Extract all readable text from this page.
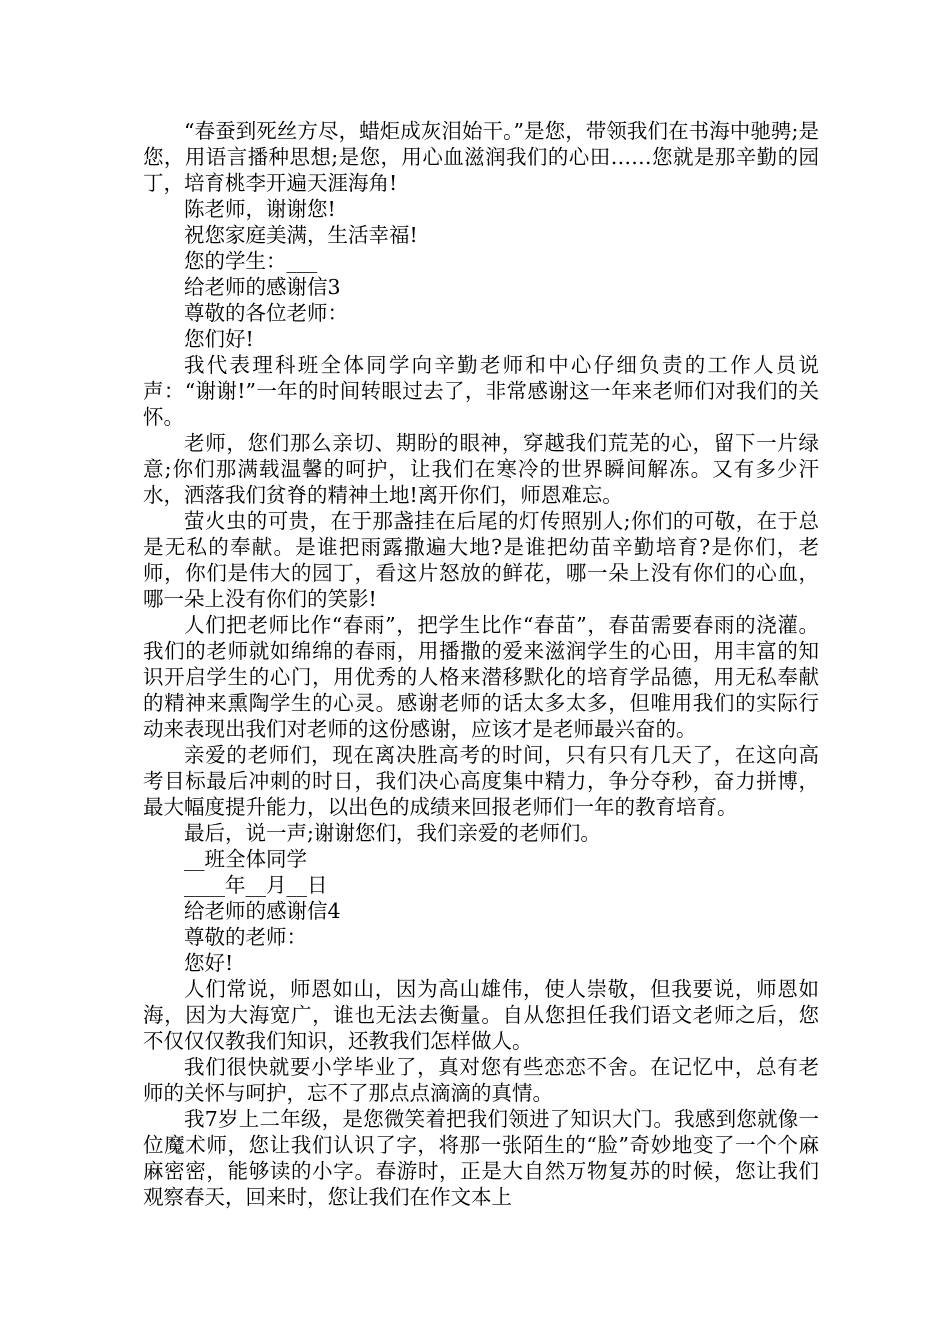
“春蚕到死丝方尽，蜡炬成灰泪始干。”是您，带领我们在书海中驰骋;是您，用语言播种思想;是您，用心血滋润我们的心田……您就是那辛勤的园丁，培育桃李开遍天涯海角!

陈老师，谢谢您!

祝您家庭美满，生活幸福!

您的学生：___

给老师的感谢信3

尊敬的各位老师：

您们好!

我代表理科班全体同学向辛勤老师和中心仔细负责的工作人员说声：“谢谢!”一年的时间转眼过去了，非常感谢这一年来老师们对我们的关怀。

老师，您们那么亲切、期盼的眼神，穿越我们荒芜的心，留下一片绿意;你们那满载温馨的呵护，让我们在寒冷的世界瞬间解冻。又有多少汗水，洒落我们贫脊的精神土地!离开你们，师恩难忘。

萤火虫的可贵，在于那盏挂在后尾的灯传照别人;你们的可敬，在于总是无私的奉献。是谁把雨露撒遍大地?是谁把幼苗辛勤培育?是你们，老师，你们是伟大的园丁，看这片怒放的鲜花，哪一朵上没有你们的心血，哪一朵上没有你们的笑影!

人们把老师比作“春雨”，把学生比作“春苗”，春苗需要春雨的浇灌。我们的老师就如绵绵的春雨，用播撒的爱来滋润学生的心田，用丰富的知识开启学生的心门，用优秀的人格来潜移默化的培育学品德，用无私奉献的精神来熏陶学生的心灵。感谢老师的话太多太多，但唯用我们的实际行动来表现出我们对老师的这份感谢，应该才是老师最兴奋的。

亲爱的老师们，现在离决胜高考的时间，只有只有几天了，在这向高考目标最后冲刺的时日，我们决心高度集中精力，争分夺秒，奋力拼博，最大幅度提升能力，以出色的成绩来回报老师们一年的教育培育。

最后，说一声;谢谢您们，我们亲爱的老师们。

__班全体同学

____年__月__日

给老师的感谢信4

尊敬的老师：

您好!

人们常说，师恩如山，因为高山雄伟，使人崇敬，但我要说，师恩如海，因为大海宽广，谁也无法去衡量。自从您担任我们语文老师之后，您不仅仅仅教我们知识，还教我们怎样做人。

我们很快就要小学毕业了，真对您有些恋恋不舍。在记忆中，总有老师的关怀与呵护，忘不了那点点滴滴的真情。

我7岁上二年级，是您微笑着把我们领进了知识大门。我感到您就像一位魔术师，您让我们认识了字，将那一张陌生的“脸”奇妙地变了一个个麻麻密密，能够读的小字。春游时，正是大自然万物复苏的时候，您让我们观察春天，回来时，您让我们在作文本上
